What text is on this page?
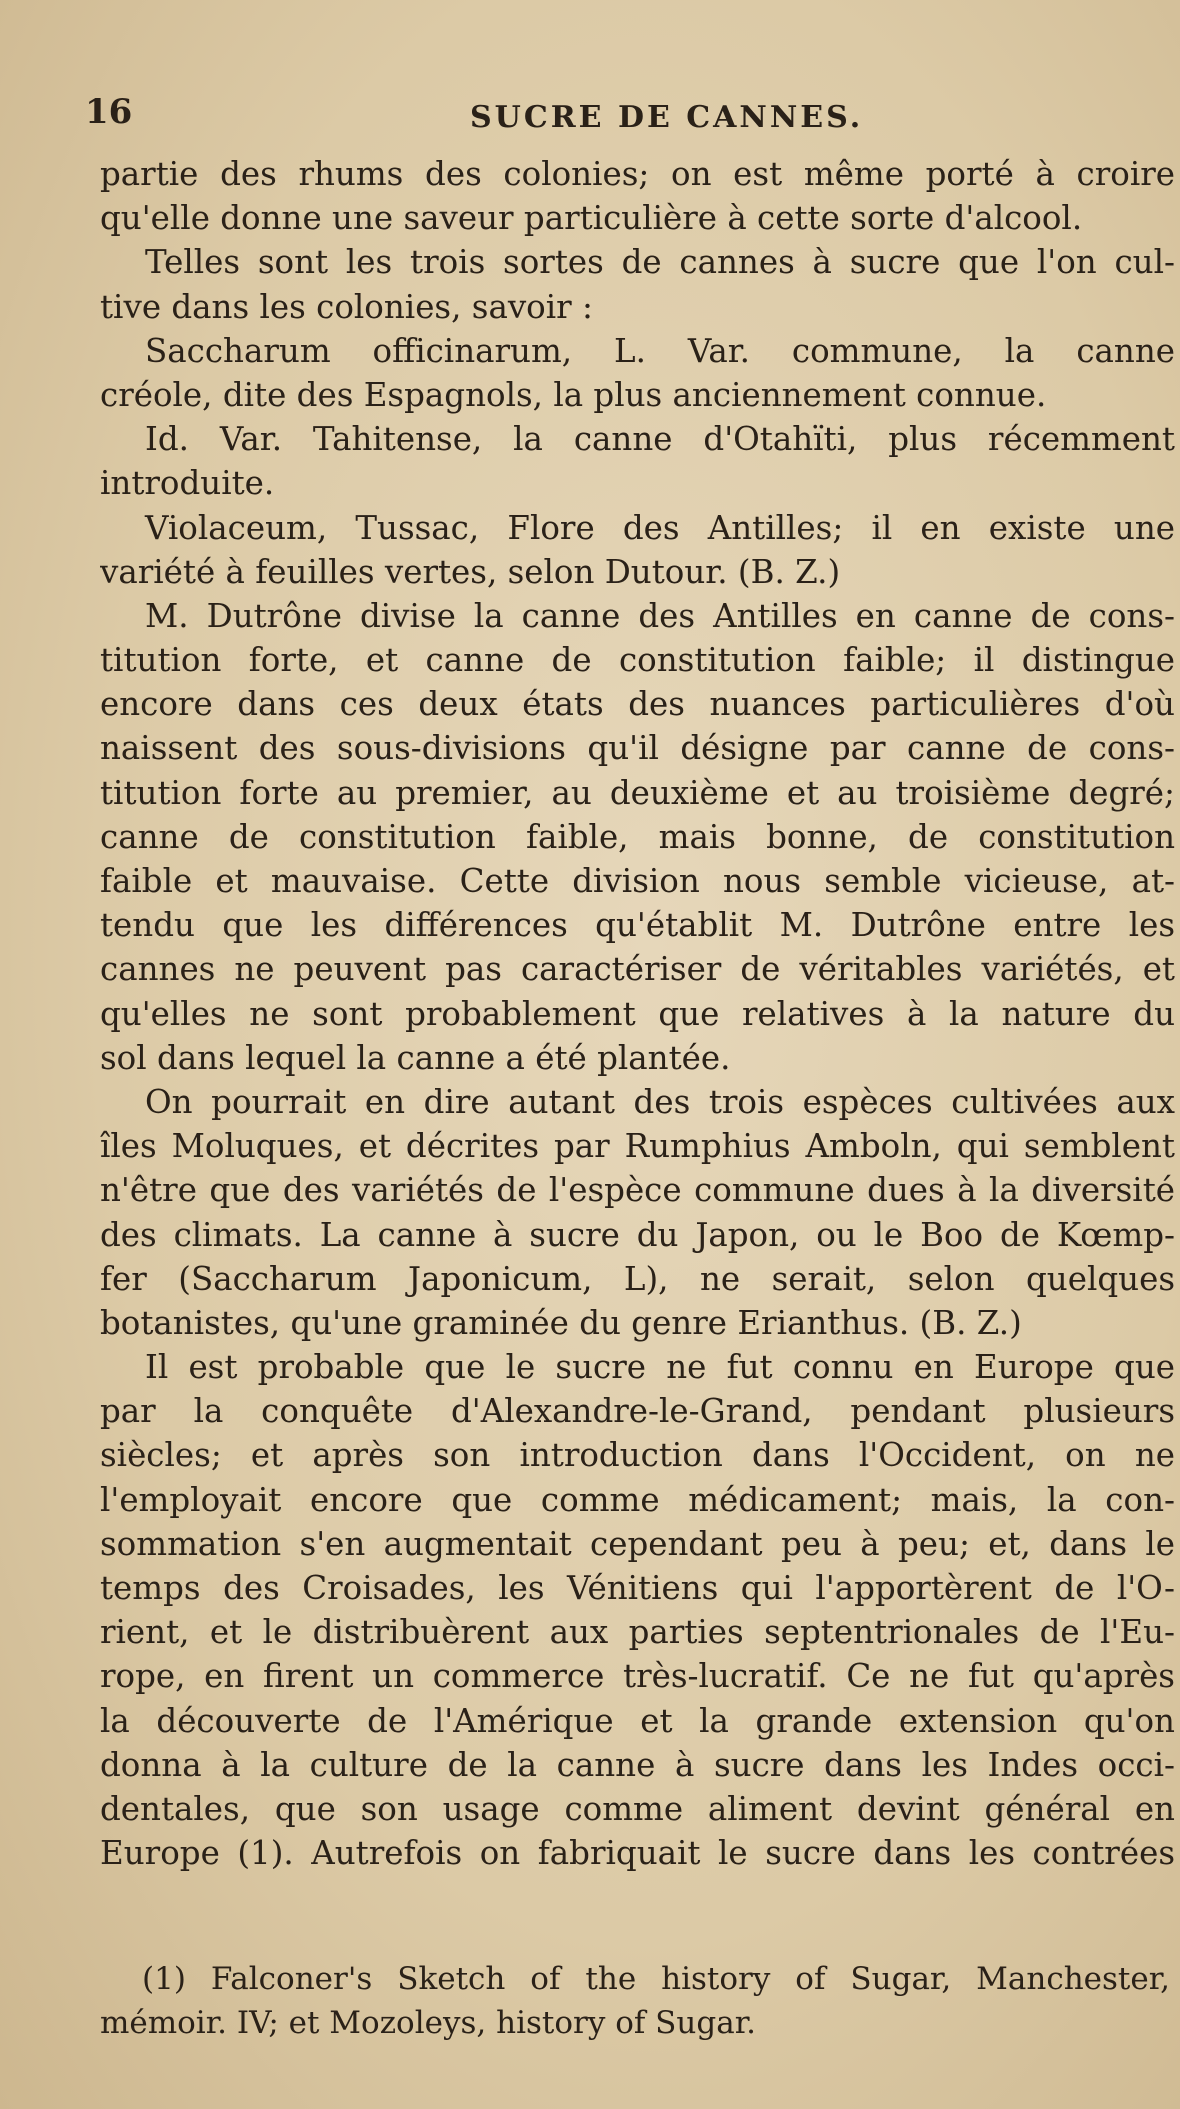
16	SUCRE DE CANNES.
partie des rhums des colonies; on est même porté à croire
qu'elle donne une saveur particulière à cette sorte d'alcool.
Telles sont les trois sortes de cannes à sucre que l'on cul-
tive dans les colonies, savoir :
Saccharum officinarum, L. Var. commune, la canne
créole, dite des Espagnols, la plus anciennement connue.
Id. Var. Tahitense, la canne d'Otahïti, plus récemment
introduite.
Violaceum, Tussac, Flore des Antilles; il en existe une
variété à feuilles vertes, selon Dutour. (B. Z.)
M. Dutrône divise la canne des Antilles en canne de cons-
titution forte, et canne de constitution faible; il distingue
encore dans ces deux états des nuances particulières d'où
naissent des sous-divisions qu'il désigne par canne de cons-
titution forte au premier, au deuxième et au troisième degré;
canne de constitution faible, mais bonne, de constitution
faible et mauvaise. Cette division nous semble vicieuse, at-
tendu que les différences qu'établit M. Dutrône entre les
cannes ne peuvent pas caractériser de véritables variétés, et
qu'elles ne sont probablement que relatives à la nature du
sol dans lequel la canne a été plantée.
On pourrait en dire autant des trois espèces cultivées aux
îles Moluques, et décrites par Rumphius Amboln, qui semblent
n'être que des variétés de l'espèce commune dues à la diversité
des climats. La canne à sucre du Japon, ou le Boo de Kœmp-
fer (Saccharum Japonicum, L), ne serait, selon quelques
botanistes, qu'une graminée du genre Erianthus. (B. Z.)
Il est probable que le sucre ne fut connu en Europe que
par la conquête d'Alexandre-le-Grand, pendant plusieurs
siècles; et après son introduction dans l'Occident, on ne
l'employait encore que comme médicament; mais, la con-
sommation s'en augmentait cependant peu à peu; et, dans le
temps des Croisades, les Vénitiens qui l'apportèrent de l'O-
rient, et le distribuèrent aux parties septentrionales de l'Eu-
rope, en firent un commerce très-lucratif. Ce ne fut qu'après
la découverte de l'Amérique et la grande extension qu'on
donna à la culture de la canne à sucre dans les Indes occi-
dentales, que son usage comme aliment devint général en
Europe (1). Autrefois on fabriquait le sucre dans les contrées
(1) Falconer's Sketch of the history of Sugar, Manchester,
mémoir. IV; et Mozoleys, history of Sugar.
